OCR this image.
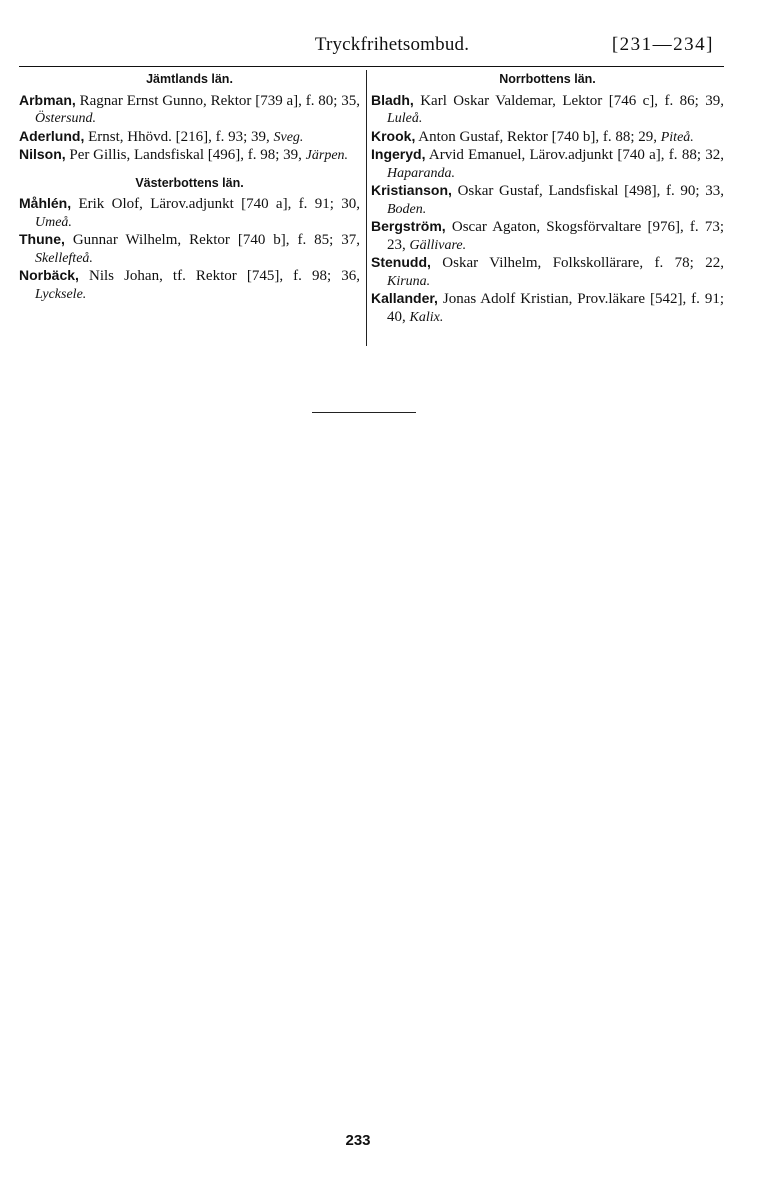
Tryckfrihetsombud.	[231—234]
Jämtlands län.

Arbman, Ragnar Ernst Gunno, Rektor [739 a], f. 80; 35, Östersund.

Aderlund, Ernst, Hhövd. [216], f. 93; 39, Sveg.

Nilson, Per Gillis, Landsfiskal [496], f. 98; 39, Järpen.

Västerbottens län.

Måhlén, Erik Olof, Lärov.adjunkt [740 a], f. 91; 30, Umeå.

Thune, Gunnar Wilhelm, Rektor [740 b], f. 85; 37, Skellefteå.

Norbäck, Nils Johan, tf. Rektor [745], f. 98; 36, Lycksele.

Norrbottens län.

Bladh, Karl Oskar Valdemar, Lektor [746 c], f. 86; 39, Luleå.

Krook, Anton Gustaf, Rektor [740 b], f. 88; 29, Piteå.

Ingeryd, Arvid Emanuel, Lärov.adjunkt [740 a], f. 88; 32, Haparanda.

Kristianson, Oskar Gustaf, Landsfiskal [498], f. 90; 33, Boden.

Bergström, Oscar Agaton, Skogsförvaltare [976], f. 73; 23, Gällivare.

Stenudd, Oskar Vilhelm, Folkskollärare, f. 78; 22, Kiruna.

Kallander, Jonas Adolf Kristian, Prov.läkare [542], f. 91; 40, Kalix.

233
